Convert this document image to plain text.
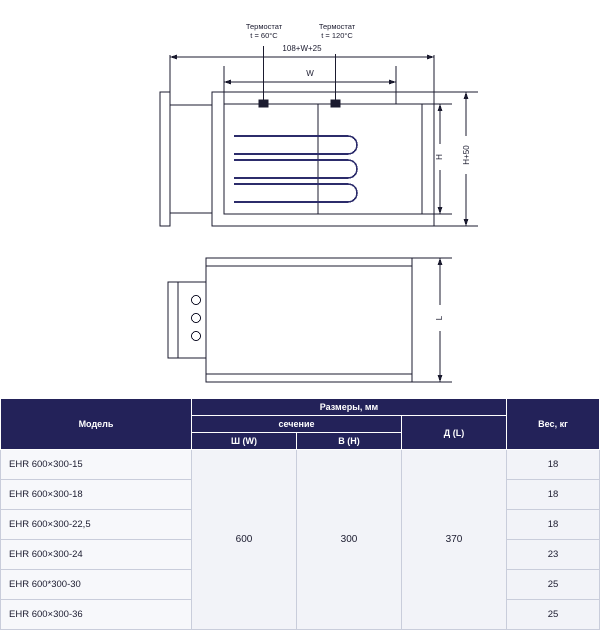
Термостат
t = 60°C
Термостат
t = 120°C
108+W+25
W
H H+50
L
Модель	Размеры, мм			Вес, кг
	сечение		Д (L)	
	Ш (W)	В (Н)		
EHR 600×300-15	600	300	370	18
EHR 600×300-18				18
EHR 600×300-22,5				18
EHR 600×300-24				23
EHR 600*300-30				25
EHR 600×300-36				25
